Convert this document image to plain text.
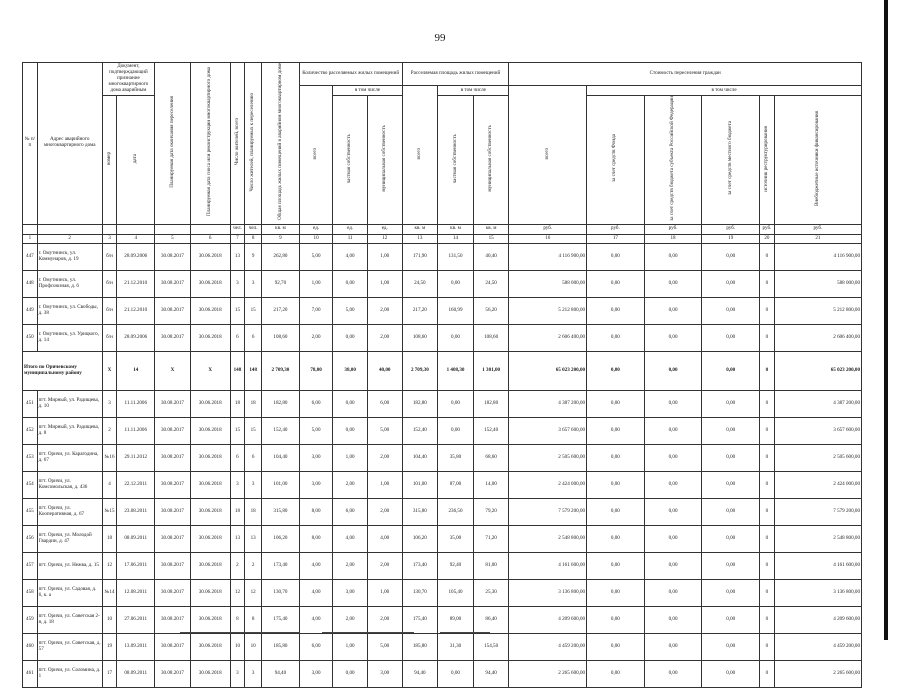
99
№ п/п	Адрес аварийного многоквартирного дома	Документ, подтверждающий признание многоквартирного дома аварийным		Планируемая дата окончания переселения	Планируемая дата сноса или реконструкции многоквартирного дома	Число жителей, всего	Число жителей, планируемых к переселению	Общая площадь жилых помещений в аварийном многоквартирном доме	Количество расселяемых жилых помещений			Расселяемая площадь жилых помещений			Стоимость переселения граждан					
									всего	в том числе		всего	в том числе		всего	в том числе				
		номер	дата							частная собственность	муниципальная собственность		частная собственность	муниципальная собственность		за счет средств Фонда	за счет средств бюджета субъекта Российской Федерации	за счет средств местного бюджета	источник реструктурирования	Внебюджетные источники финансирования
						чел.	чел.	кв. м	ед.	ед.	ед.	кв. м	кв. м	кв. м	руб.	руб.	руб.	руб.	руб.	руб.
1	2	3	4	5	6	7	8	9	10	11	12	13	14	15	16	17	18	19	20	21
447	г. Омутнинск, ул. Коммунаров, д. 19	б/н	28.09.2006	30.08.2017	30.06.2018	13	9	262,80	5,00	4,00	1,00	171,90	131,50	40,40	4 116 900,00	0,00	0,00	0,00	0	4 116 900,00
448	г. Омутнинск, ул. Профсоюзная, д. 6	б/н	21.12.2010	30.08.2017	30.06.2018	3	3	92,70	1,00	0,00	1,00	24,50	0,00	24,50	588 000,00	0,00	0,00	0,00	0	588 000,00
449	г. Омутнинск, ул. Свободы, д. 38	б/н	21.12.2010	30.08.2017	30.06.2018	15	15	217,20	7,00	5,00	2,00	217,20	160,99	56,20	5 212 800,00	0,00	0,00	0,00	0	5 212 800,00
450	г. Омутнинск, ул. Урицкого, д. 14	б/н	28.09.2006	30.08.2017	30.06.2018	6	6	108,60	2,00	0,00	2,00	108,60	0,00	108,60	2 606 400,00	0,00	0,00	0,00	0	2 606 400,00
Итого по Оричевскому муниципальному району		X	14	X	X	148	148	2 709,30	78,00	38,00	40,00	2 709,30	1 408,30	1 301,00	65 023 200,00	0,00	0,00	0,00	0	65 023 200,00
451	пгт. Мирный, ул. Радищева, д. 10	3	11.11.2006	30.08.2017	30.06.2018	18	18	182,80	6,00	0,00	6,00	182,80	0,00	182,80	4 387 200,00	0,00	0,00	0,00	0	4 387 200,00
452	пгт. Мирный, ул. Радищева, д. 8	2	11.11.2006	30.08.2017	30.06.2018	15	15	152,40	5,00	0,00	5,00	152,40	0,00	152,40	3 657 600,00	0,00	0,00	0,00	0	3 657 600,00
453	пгт. Оричи, ул. Карагодина, д. 67	№16	29.11.2012	30.08.2017	30.06.2018	6	6	104,40	3,00	1,00	2,00	104,40	35,80	68,60	2 505 600,00	0,00	0,00	0,00	0	2 505 600,00
454	пгт. Оричи, ул. Комсомольская, д. 436	4	22.12.2011	30.08.2017	30.06.2018	3	3	101,00	3,00	2,00	1,00	101,00	87,00	14,00	2 424 000,00	0,00	0,00	0,00	0	2 424 000,00
455	пгт. Оричи, ул. Кооперативная, д. 67	№15	23.08.2011	30.08.2017	30.06.2018	18	18	315,80	8,00	6,00	2,00	315,80	236,50	79,20	7 579 200,00	0,00	0,00	0,00	0	7 579 200,00
456	пгт. Оричи, ул. Молодой Гвардии, д. 47	18	08.09.2011	30.08.2017	30.06.2018	13	13	106,20	8,00	4,00	4,00	106,20	35,00	71,20	2 548 800,00	0,00	0,00	0,00	0	2 548 800,00
457	пгт. Оричи, ул. Нежва, д. 15	12	17.06.2011	30.08.2017	30.06.2018	2	2	173,40	4,00	2,00	2,00	173,40	92,40	81,00	4 161 600,00	0,00	0,00	0,00	0	4 161 600,00
458	пгт. Оричи, ул. Садовая, д. 6, к. а	№14	12.08.2011	30.08.2017	30.06.2018	12	12	130,70	4,00	3,00	1,00	130,70	105,40	25,30	3 136 800,00	0,00	0,00	0,00	0	3 136 800,00
459	пгт. Оричи, ул. Советская 2-я, д. 18	10	27.06.2011	30.08.2017	30.06.2018	8	8	175,40	4,00	2,00	2,00	175,40	89,00	86,40	4 209 600,00	0,00	0,00	0,00	0	4 209 600,00
460	пгт. Оричи, ул. Советская, д. 57	19	13.09.2011	30.08.2017	30.06.2018	10	10	185,80	6,00	1,00	5,00	185,80	31,30	154,50	4 459 200,00	0,00	0,00	0,00	0	4 459 200,00
461	пгт. Оричи, ул. Соломина, д. 1	17	08.09.2011	30.08.2017	30.06.2018	3	3	94,40	3,00	0,00	3,00	94,40	0,00	94,40	2 265 600,00	0,00	0,00	0,00	0	2 265 600,00
